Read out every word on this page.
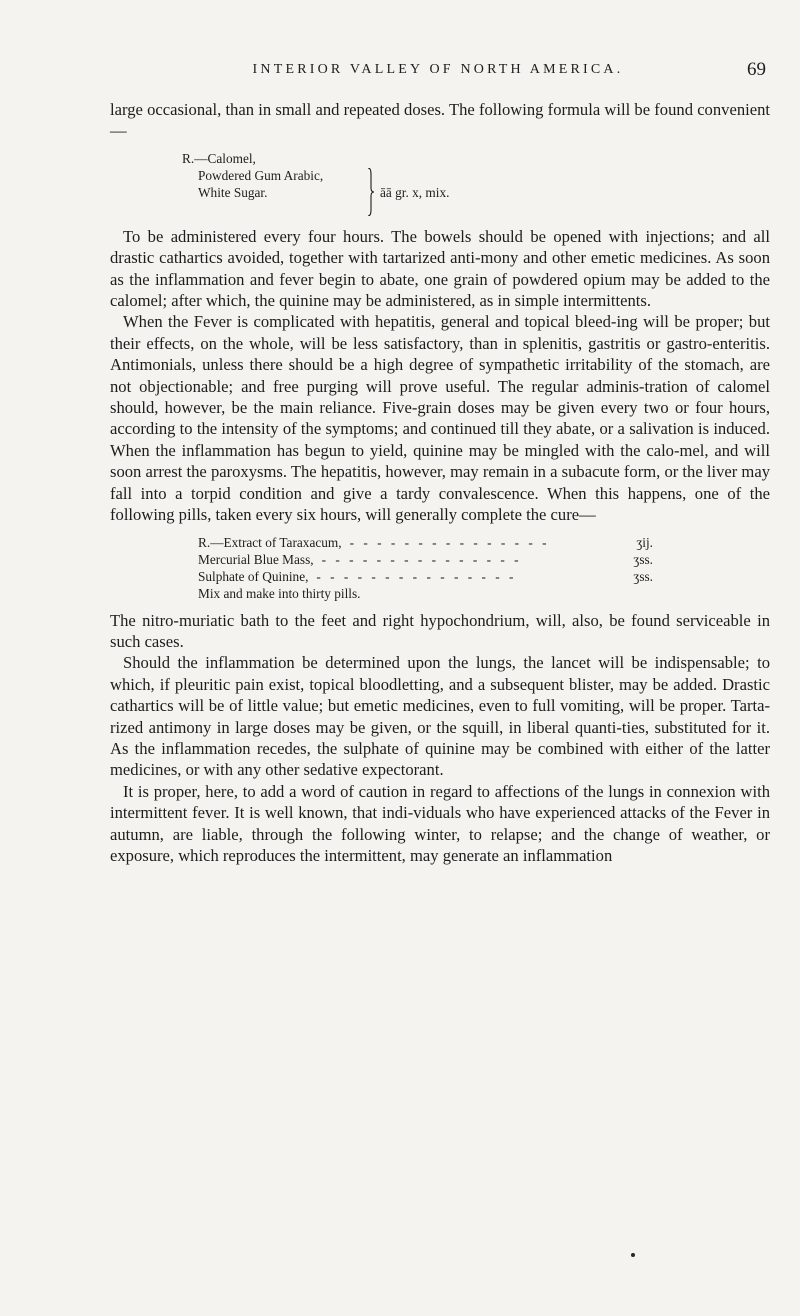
INTERIOR VALLEY OF NORTH AMERICA.	69

large occasional, than in small and repeated doses. The following formula will be found convenient—

R.—Calomel,
Powdered Gum Arabic,
White Sugar.	āā gr. x, mix.

To be administered every four hours. The bowels should be opened with injections; and all drastic cathartics avoided, together with tartarized anti-mony and other emetic medicines. As soon as the inflammation and fever begin to abate, one grain of powdered opium may be added to the calomel; after which, the quinine may be administered, as in simple intermittents.

When the Fever is complicated with hepatitis, general and topical bleed-ing will be proper; but their effects, on the whole, will be less satisfactory, than in splenitis, gastritis or gastro-enteritis. Antimonials, unless there should be a high degree of sympathetic irritability of the stomach, are not objectionable; and free purging will prove useful. The regular adminis-tration of calomel should, however, be the main reliance. Five-grain doses may be given every two or four hours, according to the intensity of the symptoms; and continued till they abate, or a salivation is induced. When the inflammation has begun to yield, quinine may be mingled with the calo-mel, and will soon arrest the paroxysms. The hepatitis, however, may remain in a subacute form, or the liver may fall into a torpid condition and give a tardy convalescence. When this happens, one of the following pills, taken every six hours, will generally complete the cure—

R.—Extract of Taraxacum, - - - - - - - - - - - - - - -	ʒij.
Mercurial Blue Mass, - - - - - - - - - - - - - - -	ʒss.
Sulphate of Quinine, - - - - - - - - - - - - - - -	ʒss.
Mix and make into thirty pills.

The nitro-muriatic bath to the feet and right hypochondrium, will, also, be found serviceable in such cases.

Should the inflammation be determined upon the lungs, the lancet will be indispensable; to which, if pleuritic pain exist, topical bloodletting, and a subsequent blister, may be added. Drastic cathartics will be of little value; but emetic medicines, even to full vomiting, will be proper. Tarta-rized antimony in large doses may be given, or the squill, in liberal quanti-ties, substituted for it. As the inflammation recedes, the sulphate of quinine may be combined with either of the latter medicines, or with any other sedative expectorant.

It is proper, here, to add a word of caution in regard to affections of the lungs in connexion with intermittent fever. It is well known, that indi-viduals who have experienced attacks of the Fever in autumn, are liable, through the following winter, to relapse; and the change of weather, or exposure, which reproduces the intermittent, may generate an inflammation
